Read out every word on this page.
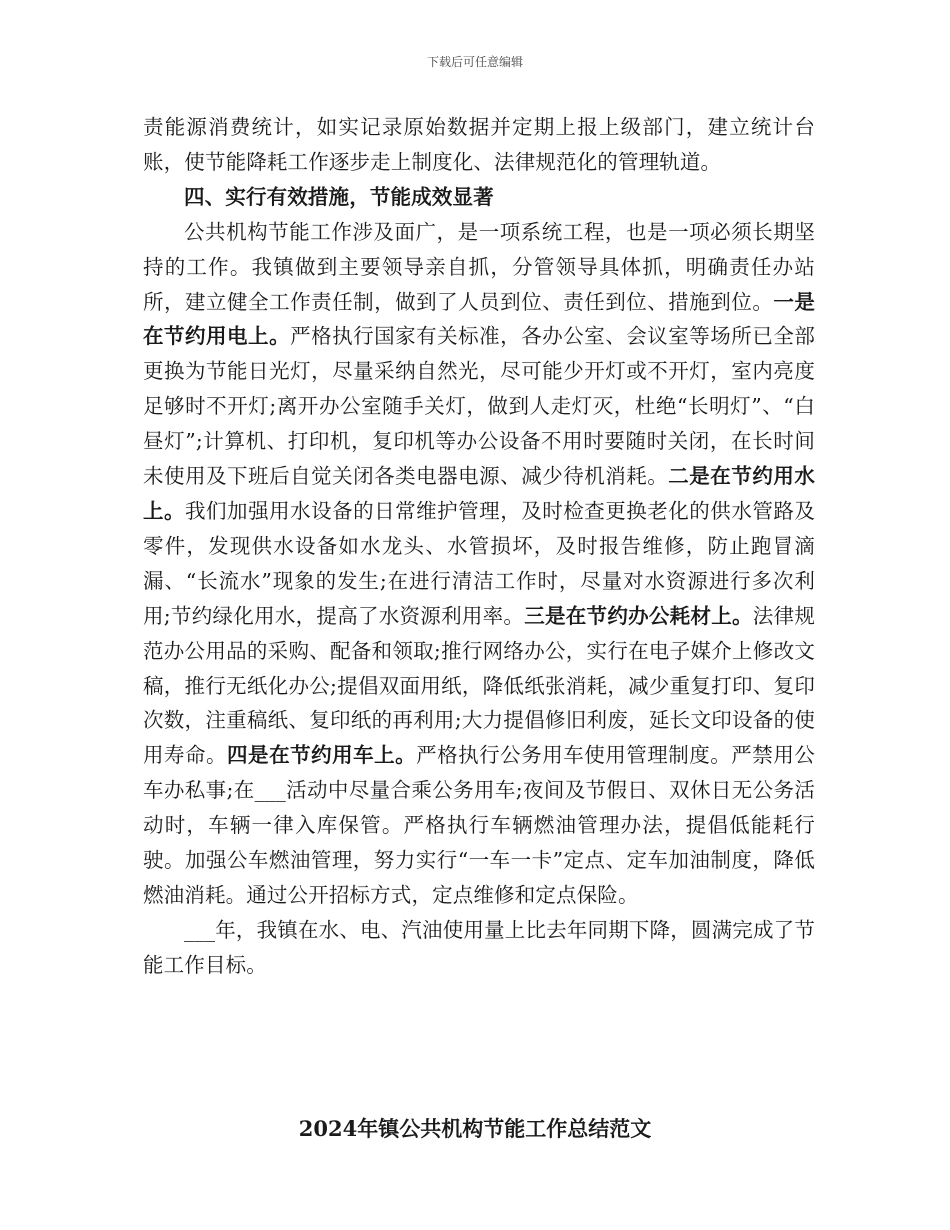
下载后可任意编辑

责能源消费统计，如实记录原始数据并定期上报上级部门，建立统计台账，使节能降耗工作逐步走上制度化、法律规范化的管理轨道。

四、实行有效措施，节能成效显著

公共机构节能工作涉及面广，是一项系统工程，也是一项必须长期坚持的工作。我镇做到主要领导亲自抓，分管领导具体抓，明确责任办站所，建立健全工作责任制，做到了人员到位、责任到位、措施到位。一是在节约用电上。严格执行国家有关标准，各办公室、会议室等场所已全部更换为节能日光灯，尽量采纳自然光，尽可能少开灯或不开灯，室内亮度足够时不开灯;离开办公室随手关灯，做到人走灯灭，杜绝“长明灯”、“白昼灯”;计算机、打印机，复印机等办公设备不用时要随时关闭，在长时间未使用及下班后自觉关闭各类电器电源、减少待机消耗。二是在节约用水上。我们加强用水设备的日常维护管理，及时检查更换老化的供水管路及零件，发现供水设备如水龙头、水管损坏，及时报告维修，防止跑冒滴漏、“长流水”现象的发生;在进行清洁工作时，尽量对水资源进行多次利用;节约绿化用水，提高了水资源利用率。三是在节约办公耗材上。法律规范办公用品的采购、配备和领取;推行网络办公，实行在电子媒介上修改文稿，推行无纸化办公;提倡双面用纸，降低纸张消耗，减少重复打印、复印次数，注重稿纸、复印纸的再利用;大力提倡修旧利废，延长文印设备的使用寿命。四是在节约用车上。严格执行公务用车使用管理制度。严禁用公车办私事;在___活动中尽量合乘公务用车;夜间及节假日、双休日无公务活动时，车辆一律入库保管。严格执行车辆燃油管理办法，提倡低能耗行驶。加强公车燃油管理，努力实行“一车一卡”定点、定车加油制度，降低燃油消耗。通过公开招标方式，定点维修和定点保险。

___年，我镇在水、电、汽油使用量上比去年同期下降，圆满完成了节能工作目标。

2024年镇公共机构节能工作总结范文
